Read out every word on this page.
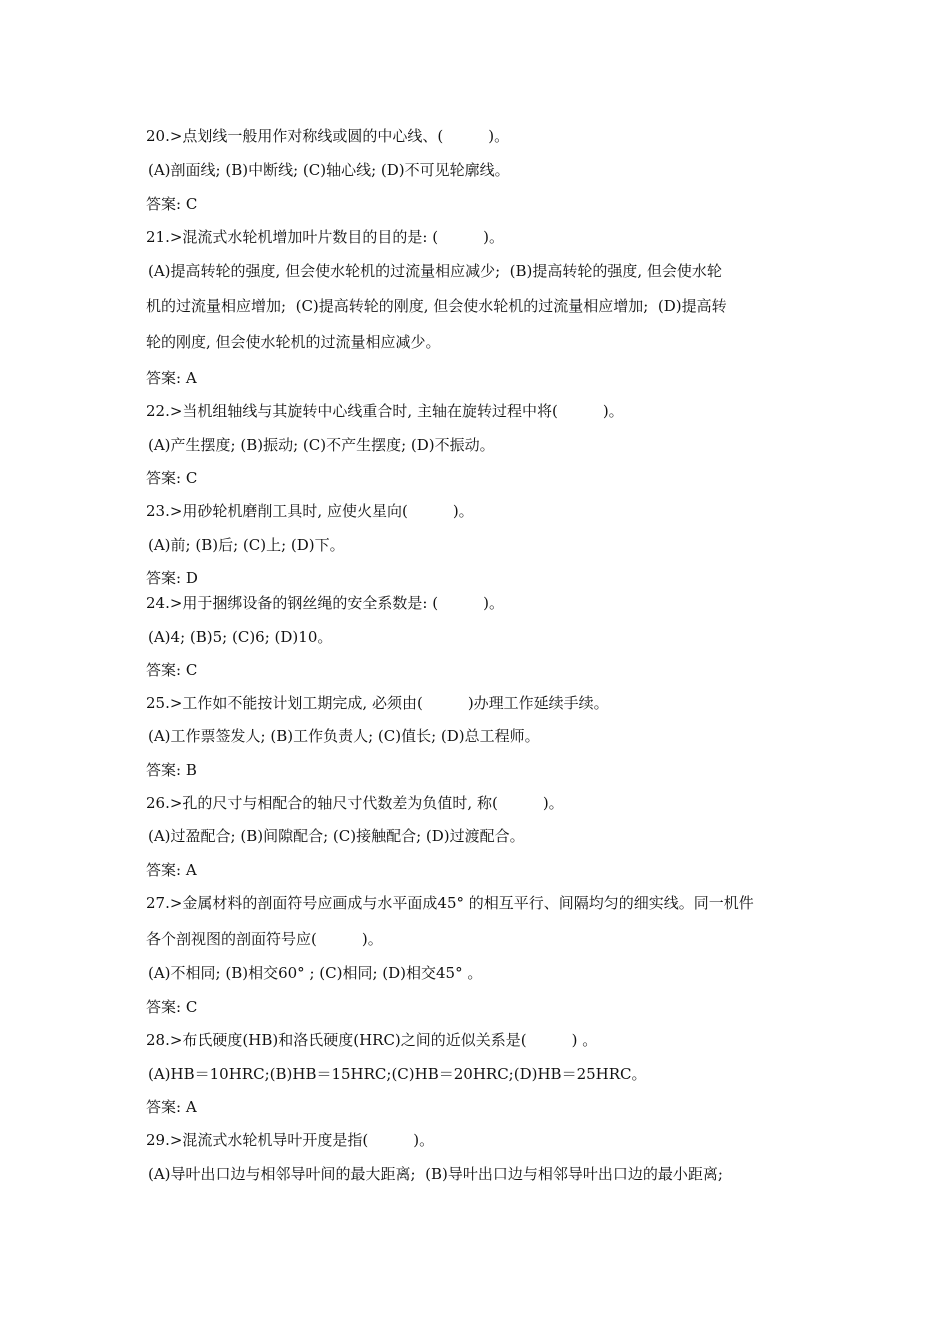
20.>点划线一般用作对称线或圆的中心线、(　　　)。
(A)剖面线; (B)中断线; (C)轴心线; (D)不可见轮廓线。
答案: C
21.>混流式水轮机增加叶片数目的目的是: (　　　)。
(A)提高转轮的强度, 但会使水轮机的过流量相应减少;  (B)提高转轮的强度, 但会使水轮
机的过流量相应增加;  (C)提高转轮的刚度, 但会使水轮机的过流量相应增加;  (D)提高转
轮的刚度, 但会使水轮机的过流量相应减少。
答案: A
22.>当机组轴线与其旋转中心线重合时, 主轴在旋转过程中将(　　　)。
(A)产生摆度; (B)振动; (C)不产生摆度; (D)不振动。
答案: C
23.>用砂轮机磨削工具时, 应使火星向(　　　)。
(A)前; (B)后; (C)上; (D)下。
答案: D
24.>用于捆绑设备的钢丝绳的安全系数是: (　　　)。
(A)4; (B)5; (C)6; (D)10。
答案: C
25.>工作如不能按计划工期完成, 必须由(　　　)办理工作延续手续。
(A)工作票签发人; (B)工作负责人; (C)值长; (D)总工程师。
答案: B
26.>孔的尺寸与相配合的轴尺寸代数差为负值时, 称(　　　)。
(A)过盈配合; (B)间隙配合; (C)接触配合; (D)过渡配合。
答案: A
27.>金属材料的剖面符号应画成与水平面成45° 的相互平行、间隔均匀的细实线。同一机件
各个剖视图的剖面符号应(　　　)。
(A)不相同; (B)相交60° ; (C)相同; (D)相交45° 。
答案: C
28.>布氏硬度(HB)和洛氏硬度(HRC)之间的近似关系是(　　　) 。
(A)HB＝10HRC;(B)HB＝15HRC;(C)HB＝20HRC;(D)HB＝25HRC。
答案: A
29.>混流式水轮机导叶开度是指(　　　)。
(A)导叶出口边与相邻导叶间的最大距离;  (B)导叶出口边与相邻导叶出口边的最小距离;
